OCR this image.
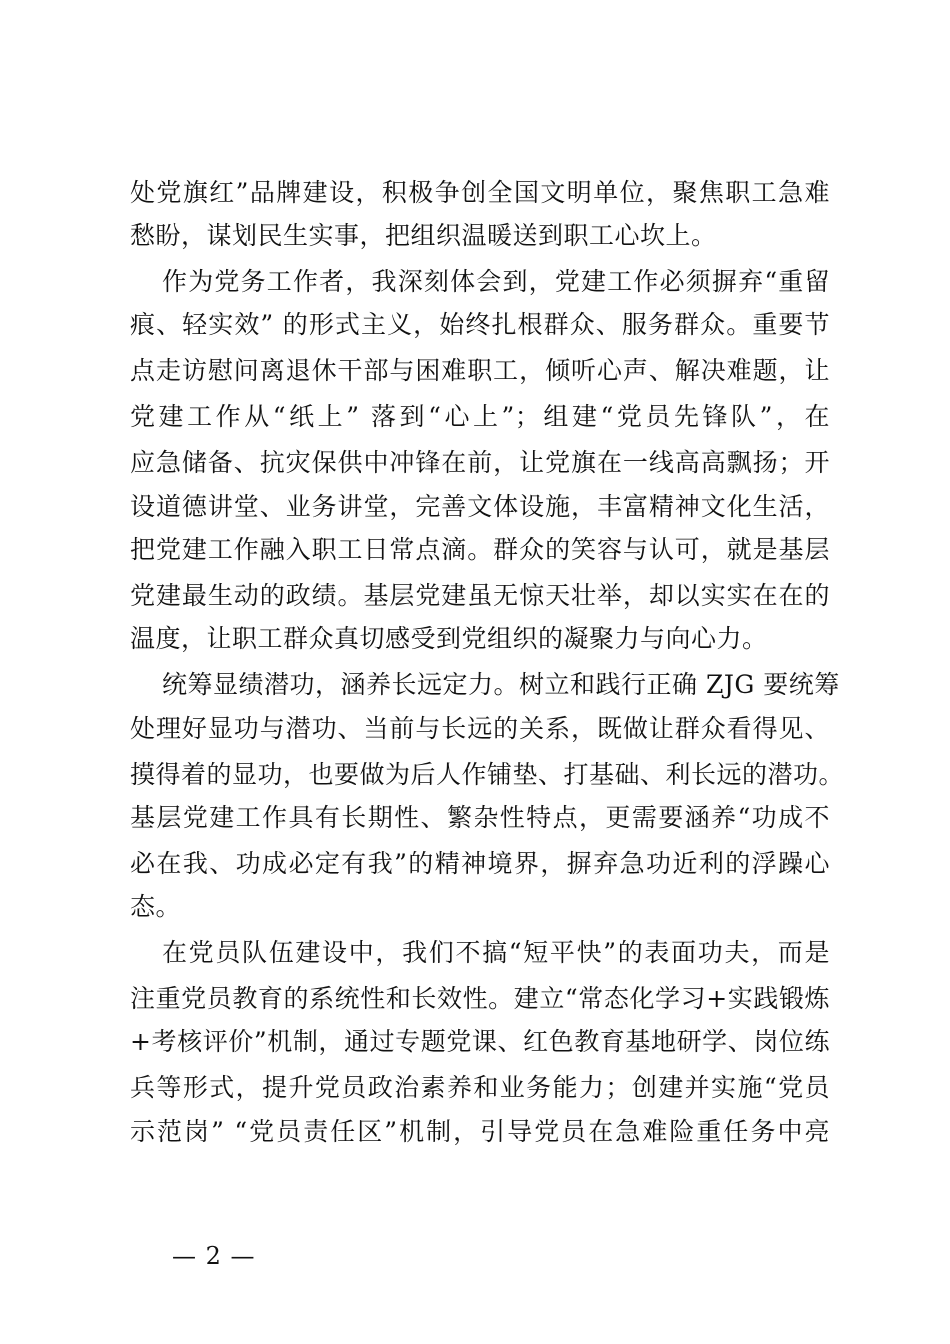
处党旗红”品牌建设，积极争创全国文明单位，聚焦职工急难
愁盼，谋划民生实事，把组织温暖送到职工心坎上。
作为党务工作者，我深刻体会到，党建工作必须摒弃“重留
痕、轻实效” 的形式主义，始终扎根群众、服务群众。重要节
点走访慰问离退休干部与困难职工，倾听心声、解决难题，让
党建工作从“纸上” 落到“心上”；组建“党员先锋队”，在
应急储备、抗灾保供中冲锋在前，让党旗在一线高高飘扬；开
设道德讲堂、业务讲堂，完善文体设施，丰富精神文化生活，
把党建工作融入职工日常点滴。群众的笑容与认可，就是基层
党建最生动的政绩。基层党建虽无惊天壮举，却以实实在在的
温度，让职工群众真切感受到党组织的凝聚力与向心力。
统筹显绩潜功，涵养长远定力。树立和践行正确 ZJG 要统筹
处理好显功与潜功、当前与长远的关系，既做让群众看得见、
摸得着的显功，也要做为后人作铺垫、打基础、利长远的潜功。
基层党建工作具有长期性、繁杂性特点，更需要涵养“功成不
必在我、功成必定有我”的精神境界，摒弃急功近利的浮躁心
态。
在党员队伍建设中，我们不搞“短平快”的表面功夫，而是
注重党员教育的系统性和长效性。建立“常态化学习+实践锻炼
+考核评价”机制，通过专题党课、红色教育基地研学、岗位练
兵等形式，提升党员政治素养和业务能力；创建并实施“党员
示范岗” “党员责任区”机制，引导党员在急难险重任务中亮
— 2 —
